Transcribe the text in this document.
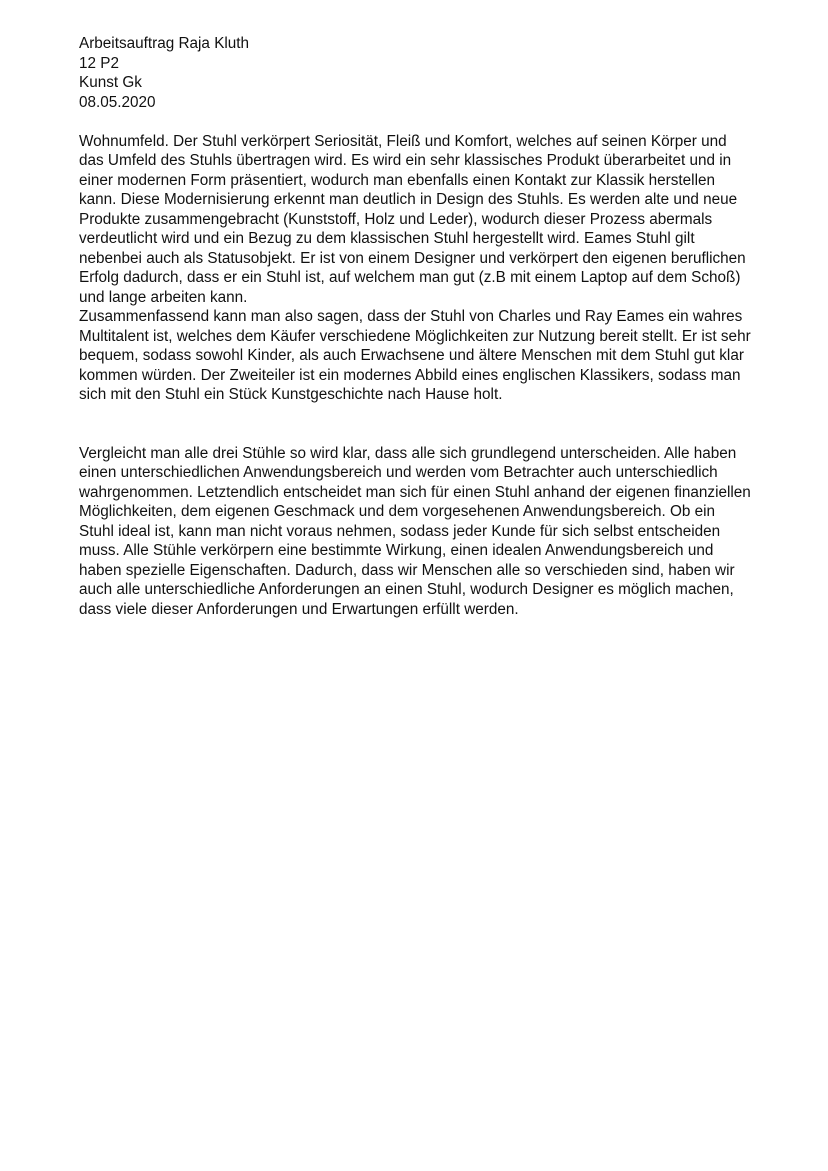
Arbeitsauftrag Raja Kluth
12 P2
Kunst Gk
08.05.2020

Wohnumfeld. Der Stuhl verkörpert Seriosität, Fleiß und Komfort, welches auf seinen Körper und das Umfeld des Stuhls übertragen wird. Es wird ein sehr klassisches Produkt überarbeitet und in einer modernen Form präsentiert, wodurch man ebenfalls einen Kontakt zur Klassik herstellen kann. Diese Modernisierung erkennt man deutlich in Design des Stuhls. Es werden alte und neue Produkte zusammengebracht (Kunststoff, Holz und Leder), wodurch dieser Prozess abermals verdeutlicht wird und ein Bezug zu dem klassischen Stuhl hergestellt wird. Eames Stuhl gilt nebenbei auch als Statusobjekt. Er ist von einem Designer und verkörpert den eigenen beruflichen Erfolg dadurch, dass er ein Stuhl ist, auf welchem man gut (z.B mit einem Laptop auf dem Schoß) und lange arbeiten kann.

Zusammenfassend kann man also sagen, dass der Stuhl von Charles und Ray Eames ein wahres Multitalent ist, welches dem Käufer verschiedene Möglichkeiten zur Nutzung bereit stellt. Er ist sehr bequem, sodass sowohl Kinder, als auch Erwachsene und ältere Menschen mit dem Stuhl gut klar kommen würden. Der Zweiteiler ist ein modernes Abbild eines englischen Klassikers, sodass man sich mit den Stuhl ein Stück Kunstgeschichte nach Hause holt.

Vergleicht man alle drei Stühle so wird klar, dass alle sich grundlegend unterscheiden. Alle haben einen unterschiedlichen Anwendungsbereich und werden vom Betrachter auch unterschiedlich wahrgenommen. Letztendlich entscheidet man sich für einen Stuhl anhand der eigenen finanziellen Möglichkeiten, dem eigenen Geschmack und dem vorgesehenen Anwendungsbereich. Ob ein Stuhl ideal ist, kann man nicht voraus nehmen, sodass jeder Kunde für sich selbst entscheiden muss. Alle Stühle verkörpern eine bestimmte Wirkung, einen idealen Anwendungsbereich und haben spezielle Eigenschaften. Dadurch, dass wir Menschen alle so verschieden sind, haben wir auch alle unterschiedliche Anforderungen an einen Stuhl, wodurch Designer es möglich machen, dass viele dieser Anforderungen und Erwartungen erfüllt werden.
